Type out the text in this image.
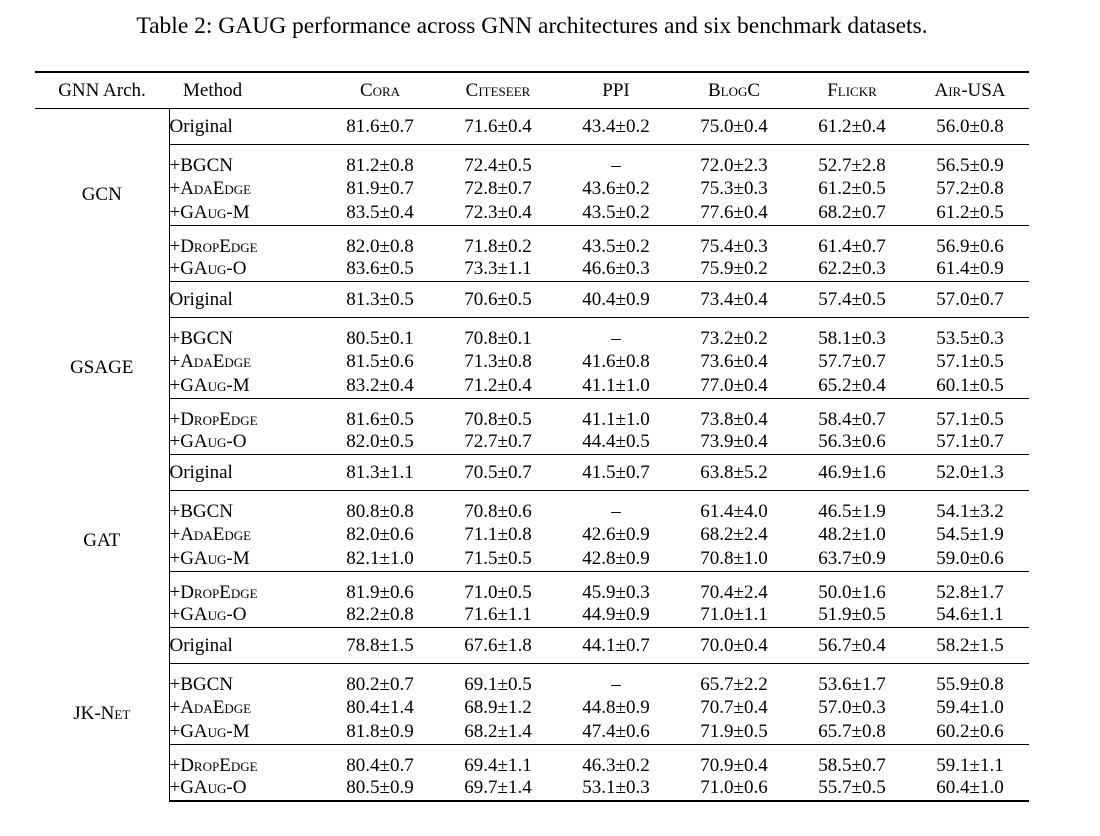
Table 2: GAUG performance across GNN architectures and six benchmark datasets.
GNN Arch.	Method	Cora	Citeseer	PPI	BlogC	Flickr	Air-USA
GCN	Original	81.6±0.7	71.6±0.4	43.4±0.2	75.0±0.4	61.2±0.4	56.0±0.8
	+BGCN	81.2±0.8	72.4±0.5	–	72.0±2.3	52.7±2.8	56.5±0.9
	+AdaEdge	81.9±0.7	72.8±0.7	43.6±0.2	75.3±0.3	61.2±0.5	57.2±0.8
	+GAug-M	83.5±0.4	72.3±0.4	43.5±0.2	77.6±0.4	68.2±0.7	61.2±0.5
	+DropEdge	82.0±0.8	71.8±0.2	43.5±0.2	75.4±0.3	61.4±0.7	56.9±0.6
	+GAug-O	83.6±0.5	73.3±1.1	46.6±0.3	75.9±0.2	62.2±0.3	61.4±0.9
GSAGE	Original	81.3±0.5	70.6±0.5	40.4±0.9	73.4±0.4	57.4±0.5	57.0±0.7
	+BGCN	80.5±0.1	70.8±0.1	–	73.2±0.2	58.1±0.3	53.5±0.3
	+AdaEdge	81.5±0.6	71.3±0.8	41.6±0.8	73.6±0.4	57.7±0.7	57.1±0.5
	+GAug-M	83.2±0.4	71.2±0.4	41.1±1.0	77.0±0.4	65.2±0.4	60.1±0.5
	+DropEdge	81.6±0.5	70.8±0.5	41.1±1.0	73.8±0.4	58.4±0.7	57.1±0.5
	+GAug-O	82.0±0.5	72.7±0.7	44.4±0.5	73.9±0.4	56.3±0.6	57.1±0.7
GAT	Original	81.3±1.1	70.5±0.7	41.5±0.7	63.8±5.2	46.9±1.6	52.0±1.3
	+BGCN	80.8±0.8	70.8±0.6	–	61.4±4.0	46.5±1.9	54.1±3.2
	+AdaEdge	82.0±0.6	71.1±0.8	42.6±0.9	68.2±2.4	48.2±1.0	54.5±1.9
	+GAug-M	82.1±1.0	71.5±0.5	42.8±0.9	70.8±1.0	63.7±0.9	59.0±0.6
	+DropEdge	81.9±0.6	71.0±0.5	45.9±0.3	70.4±2.4	50.0±1.6	52.8±1.7
	+GAug-O	82.2±0.8	71.6±1.1	44.9±0.9	71.0±1.1	51.9±0.5	54.6±1.1
JK-Net	Original	78.8±1.5	67.6±1.8	44.1±0.7	70.0±0.4	56.7±0.4	58.2±1.5
	+BGCN	80.2±0.7	69.1±0.5	–	65.7±2.2	53.6±1.7	55.9±0.8
	+AdaEdge	80.4±1.4	68.9±1.2	44.8±0.9	70.7±0.4	57.0±0.3	59.4±1.0
	+GAug-M	81.8±0.9	68.2±1.4	47.4±0.6	71.9±0.5	65.7±0.8	60.2±0.6
	+DropEdge	80.4±0.7	69.4±1.1	46.3±0.2	70.9±0.4	58.5±0.7	59.1±1.1
	+GAug-O	80.5±0.9	69.7±1.4	53.1±0.3	71.0±0.6	55.7±0.5	60.4±1.0
